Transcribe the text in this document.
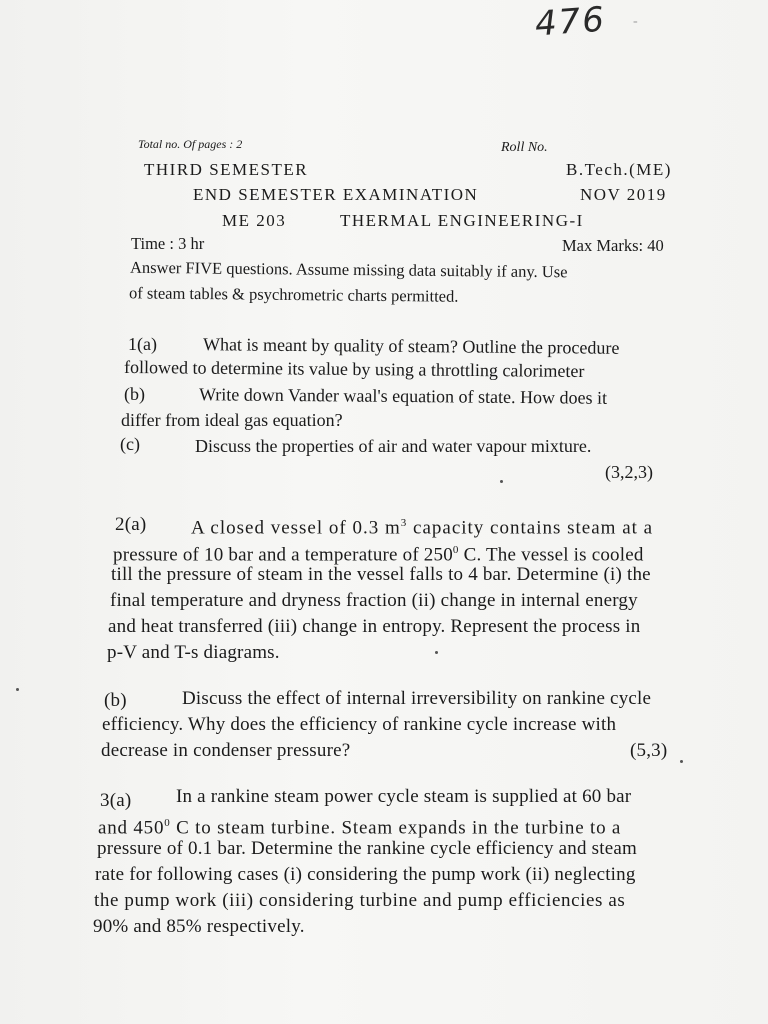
476 -
Total no. Of pages : 2	Roll No.
THIRD SEMESTER	B.Tech.(ME)
END SEMESTER EXAMINATION	NOV 2019
ME 203	THERMAL ENGINEERING-I
Time : 3 hr	Max Marks: 40
Answer FIVE questions. Assume missing data suitably if any. Use
of steam tables & psychrometric charts permitted.
1(a)	What is meant by quality of steam? Outline the procedure
followed to determine its value by using a throttling calorimeter
(b)	Write down Vander waal's equation of state. How does it
differ from ideal gas equation?
(c)	Discuss the properties of air and water vapour mixture.
(3,2,3)
2(a) A closed vessel of 0.3 $m^3$ capacity contains steam at a
pressure of 10 bar and a temperature of $250^0$ C. The vessel is cooled
till the pressure of steam in the vessel falls to 4 bar. Determine (i) the
final temperature and dryness fraction (ii) change in internal energy
and heat transferred (iii) change in entropy. Represent the process in
p-V and T-s diagrams.
(b)	Discuss the effect of internal irreversibility on rankine cycle
efficiency. Why does the efficiency of rankine cycle increase with
decrease in condenser pressure?	(5,3)
3(a) In a rankine steam power cycle steam is supplied at 60 bar
and $450^0$ C to steam turbine. Steam expands in the turbine to a
pressure of 0.1 bar. Determine the rankine cycle efficiency and steam
rate for following cases (i) considering the pump work (ii) neglecting
the pump work (iii) considering turbine and pump efficiencies as
90% and 85% respectively.
